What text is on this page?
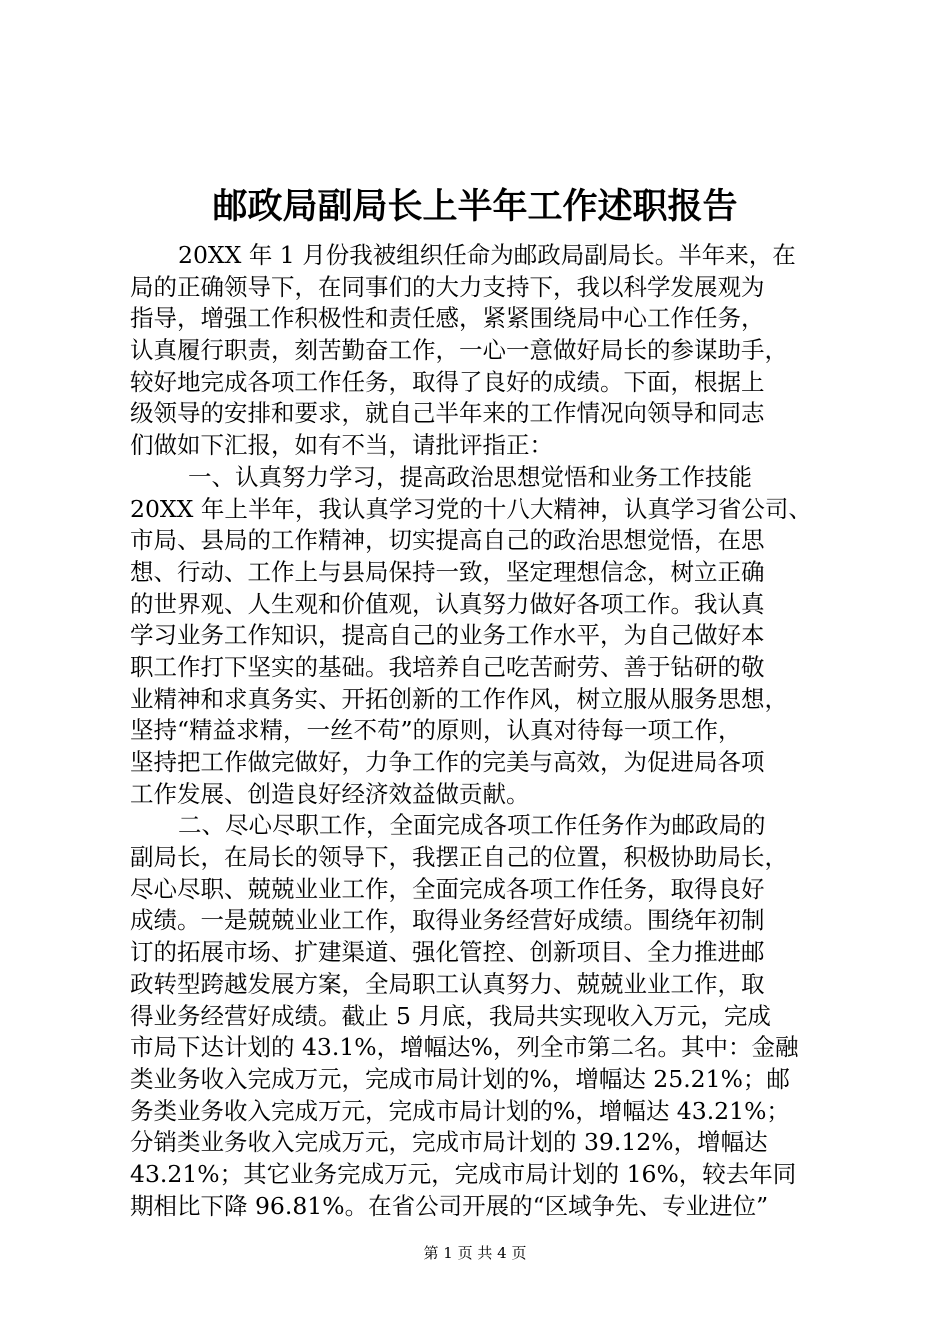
邮政局副局长上半年工作述职报告
20XX 年 1 月份我被组织任命为邮政局副局长。半年来，在
局的正确领导下，在同事们的大力支持下，我以科学发展观为
指导，增强工作积极性和责任感，紧紧围绕局中心工作任务，
认真履行职责，刻苦勤奋工作，一心一意做好局长的参谋助手，
较好地完成各项工作任务，取得了良好的成绩。下面，根据上
级领导的安排和要求，就自己半年来的工作情况向领导和同志
们做如下汇报，如有不当，请批评指正：
一、认真努力学习，提高政治思想觉悟和业务工作技能
20XX 年上半年，我认真学习党的十八大精神，认真学习省公司、
市局、县局的工作精神，切实提高自己的政治思想觉悟，在思
想、行动、工作上与县局保持一致，坚定理想信念，树立正确
的世界观、人生观和价值观，认真努力做好各项工作。我认真
学习业务工作知识，提高自己的业务工作水平，为自己做好本
职工作打下坚实的基础。我培养自己吃苦耐劳、善于钻研的敬
业精神和求真务实、开拓创新的工作作风，树立服从服务思想，
坚持“精益求精，一丝不苟”的原则，认真对待每一项工作，
坚持把工作做完做好，力争工作的完美与高效，为促进局各项
工作发展、创造良好经济效益做贡献。
二、尽心尽职工作，全面完成各项工作任务作为邮政局的
副局长，在局长的领导下，我摆正自己的位置，积极协助局长，
尽心尽职、兢兢业业工作，全面完成各项工作任务，取得良好
成绩。一是兢兢业业工作，取得业务经营好成绩。围绕年初制
订的拓展市场、扩建渠道、强化管控、创新项目、全力推进邮
政转型跨越发展方案，全局职工认真努力、兢兢业业工作，取
得业务经营好成绩。截止 5 月底，我局共实现收入万元，完成
市局下达计划的 43.1%，增幅达%，列全市第二名。其中：金融
类业务收入完成万元，完成市局计划的%，增幅达 25.21%；邮
务类业务收入完成万元，完成市局计划的%，增幅达 43.21%；
分销类业务收入完成万元，完成市局计划的 39.12%，增幅达
43.21%；其它业务完成万元，完成市局计划的 16%，较去年同
期相比下降 96.81%。在省公司开展的“区域争先、专业进位”
第 1 页 共 4 页
